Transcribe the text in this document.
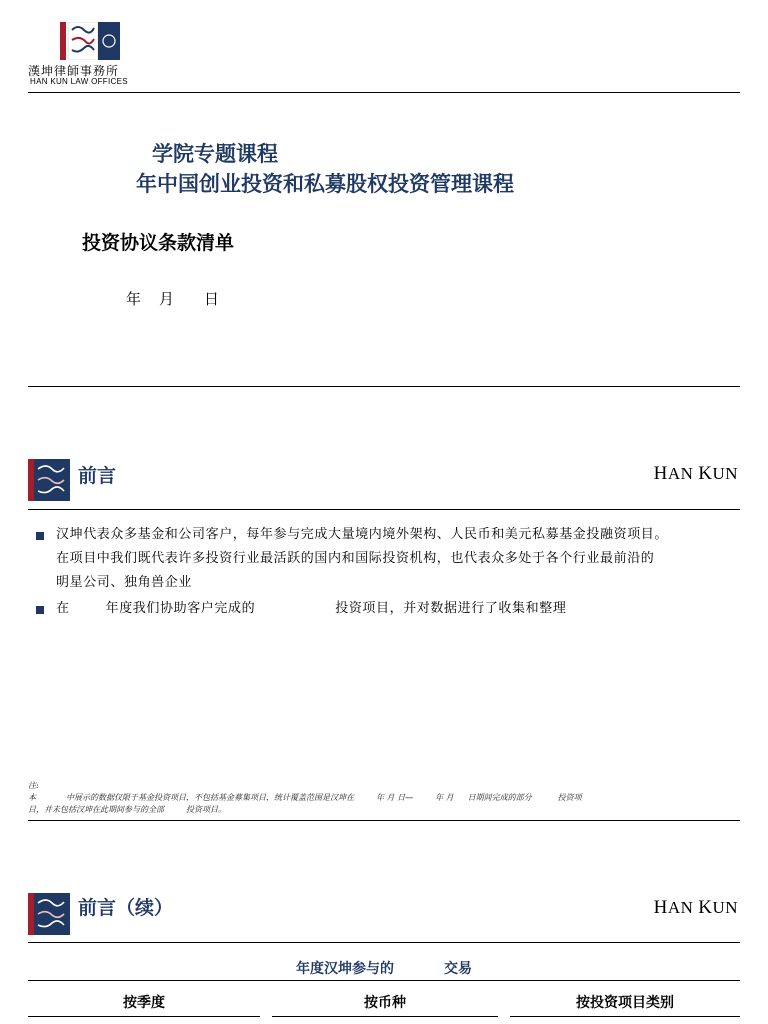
漢坤律師事務所
HAN KUN LAW OFFICES
学院专题课程
年中国创业投资和私募股权投资管理课程
投资协议条款清单
年 月 日
前言	HAN KUN
汉坤代表众多基金和公司客户，每年参与完成大量境内境外架构、人民币和美元私募基金投融资项目。
在项目中我们既代表许多投资行业最活跃的国内和国际投资机构，也代表众多处于各个行业最前沿的
明星公司、独角兽企业
在	年度我们协助客户完成的	投资项目，并对数据进行了收集和整理
注:
本	中展示的数据仅限于基金投资项目，不包括基金募集项目，统计覆盖范围是汉坤在	年 月 日—	年 月 日期间完成的部分	投资项
目，并未包括汉坤在此期间参与的全部	投资项目。
前言（续）	HAN KUN
年度汉坤参与的	交易
按季度	按币种	按投资项目类别
